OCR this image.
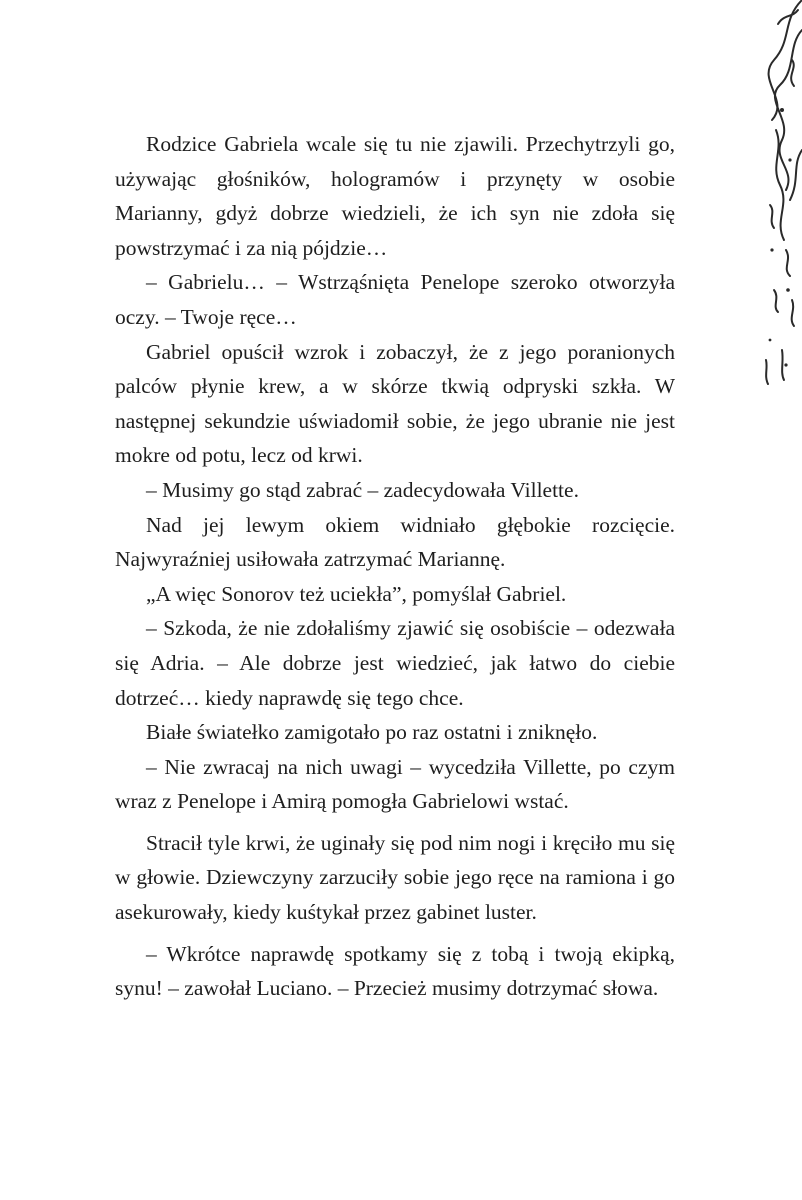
Rodzice Gabriela wcale się tu nie zjawili. Przechytrzyli go, używając głośników, hologramów i przynęty w osobie Marianny, gdyż dobrze wiedzieli, że ich syn nie zdoła się powstrzymać i za nią pójdzie…

– Gabrielu… – Wstrząśnięta Penelope szeroko otworzyła oczy. – Twoje ręce…

Gabriel opuścił wzrok i zobaczył, że z jego poranionych palców płynie krew, a w skórze tkwią odpryski szkła. W następnej sekundzie uświadomił sobie, że jego ubranie nie jest mokre od potu, lecz od krwi.

– Musimy go stąd zabrać – zadecydowała Villette.

Nad jej lewym okiem widniało głębokie rozcięcie. Najwyraźniej usiłowała zatrzymać Mariannę.

„A więc Sonorov też uciekła”, pomyślał Gabriel.

– Szkoda, że nie zdołaliśmy zjawić się osobiście – odezwała się Adria. – Ale dobrze jest wiedzieć, jak łatwo do ciebie dotrzeć… kiedy naprawdę się tego chce.

Białe światełko zamigotało po raz ostatni i zniknęło.

– Nie zwracaj na nich uwagi – wycedziła Villette, po czym wraz z Penelope i Amirą pomogła Gabrielowi wstać.

Stracił tyle krwi, że uginały się pod nim nogi i kręciło mu się w głowie. Dziewczyny zarzuciły sobie jego ręce na ramiona i go asekurowały, kiedy kuśtykał przez gabinet luster.

– Wkrótce naprawdę spotkamy się z tobą i twoją ekipką, synu! – zawołał Luciano. – Przecież musimy dotrzymać słowa.
